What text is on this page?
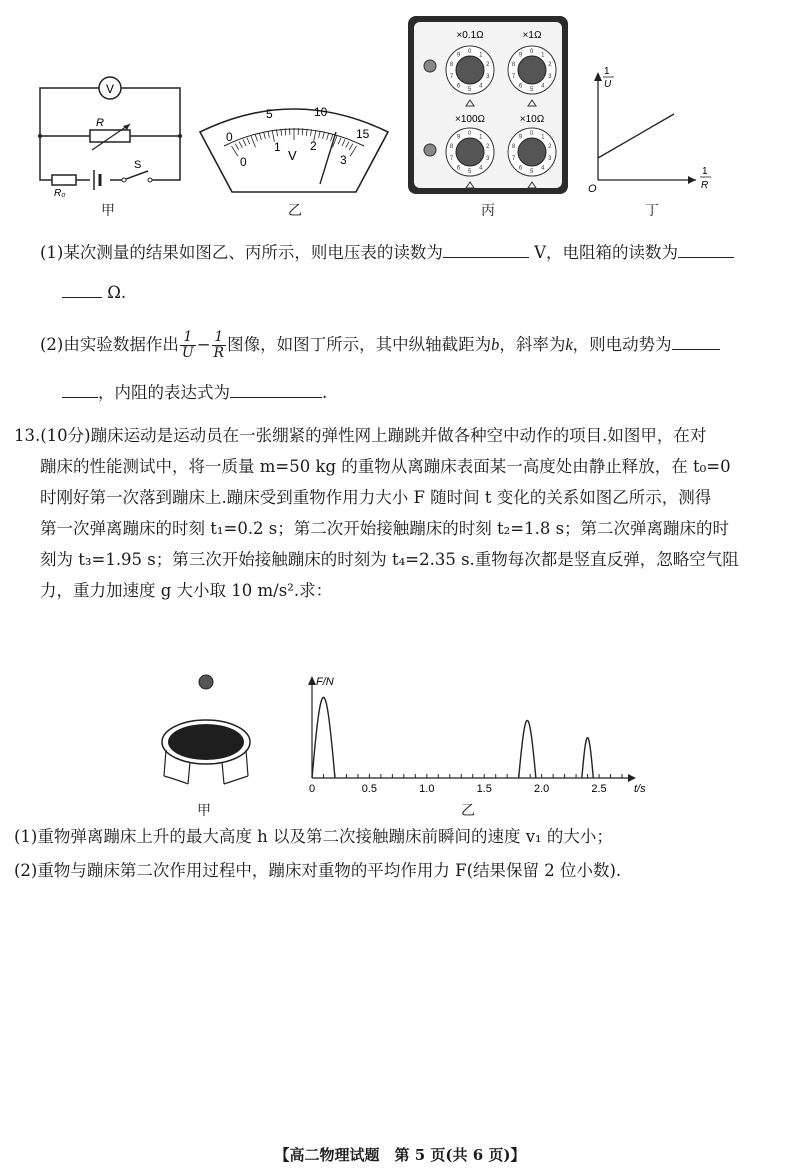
V
R
R₀
S
甲
0
5	10
15
0
1 2
3
V
乙
0
1
2
3
4
5
6
7
8
9
0
1
2
3
4
5
6
7
8
9
0
1
2
3
4
5
6
7
8
9
0
1
2
3
4
5
6
7
8
9
×0.1Ω	×1Ω
×100Ω	×10Ω
丙
1
U
O
1
R
丁
(1)某次测量的结果如图乙、丙所示，则电压表的读数为	V，电阻箱的读数为
Ω.
(2)由实验数据作出 $\frac{1}{U} - \frac{1}{R}$ 图像，如图丁所示，其中纵轴截距为b，斜率为k，则电动势为
，内阻的表达式为	.

13.(10分)蹦床运动是运动员在一张绷紧的弹性网上蹦跳并做各种空中动作的项目.如图甲，在对

蹦床的性能测试中，将一质量 m=50 kg 的重物从离蹦床表面某一高度处由静止释放，在 t₀=0

时刚好第一次落到蹦床上.蹦床受到重物作用力大小 F 随时间 t 变化的关系如图乙所示，测得

第一次弹离蹦床的时刻 t₁=0.2 s；第二次开始接触蹦床的时刻 t₂=1.8 s；第二次弹离蹦床的时

刻为 t₃=1.95 s；第三次开始接触蹦床的时刻为 t₄=2.35 s.重物每次都是竖直反弹，忽略空气阻

力，重力加速度 g 大小取 10 m/s².求：

甲
F/N
t/s
0	0.5	1.0	1.5	2.0	2.5
乙

(1)重物弹离蹦床上升的最大高度 h 以及第二次接触蹦床前瞬间的速度 v₁ 的大小；

(2)重物与蹦床第二次作用过程中，蹦床对重物的平均作用力 F(结果保留 2 位小数).

【高二物理试题　第 5 页(共 6 页)】
